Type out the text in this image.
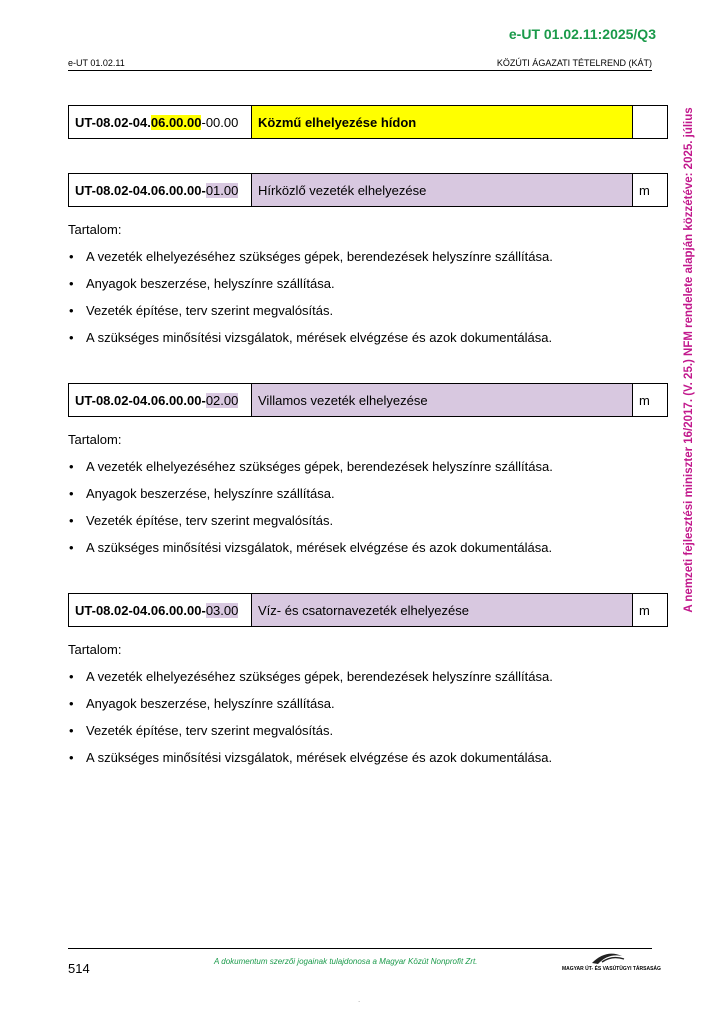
e-UT 01.02.11:2025/Q3
e-UT 01.02.11	KÖZÚTI ÁGAZATI TÉTELREND (KÁT)
A nemzeti fejlesztési miniszter 16/2017. (V. 25.) NFM rendelete alapján közzétéve: 2025. július
UT-08.02-04. 06.00.00 -00.00	Közmű elhelyezése hídon
UT-08.02-04.06.00.00- 01.00	Hírközlő vezeték elhelyezése	m
Tartalom:
• A vezeték elhelyezéséhez szükséges gépek, berendezések helyszínre szállítása.
• Anyagok beszerzése, helyszínre szállítása.
• Vezeték építése, terv szerint megvalósítás.
• A szükséges minősítési vizsgálatok, mérések elvégzése és azok dokumentálása.
UT-08.02-04.06.00.00- 02.00	Villamos vezeték elhelyezése	m
Tartalom:
• A vezeték elhelyezéséhez szükséges gépek, berendezések helyszínre szállítása.
• Anyagok beszerzése, helyszínre szállítása.
• Vezeték építése, terv szerint megvalósítás.
• A szükséges minősítési vizsgálatok, mérések elvégzése és azok dokumentálása.
UT-08.02-04.06.00.00- 03.00	Víz- és csatornavezeték elhelyezése	m
Tartalom:
• A vezeték elhelyezéséhez szükséges gépek, berendezések helyszínre szállítása.
• Anyagok beszerzése, helyszínre szállítása.
• Vezeték építése, terv szerint megvalósítás.
• A szükséges minősítési vizsgálatok, mérések elvégzése és azok dokumentálása.
514	A dokumentum szerzői jogainak tulajdonosa a Magyar Közút Nonprofit Zrt.
MAGYAR ÚT- ÉS VASÚTÜGYI TÁRSASÁG
.
